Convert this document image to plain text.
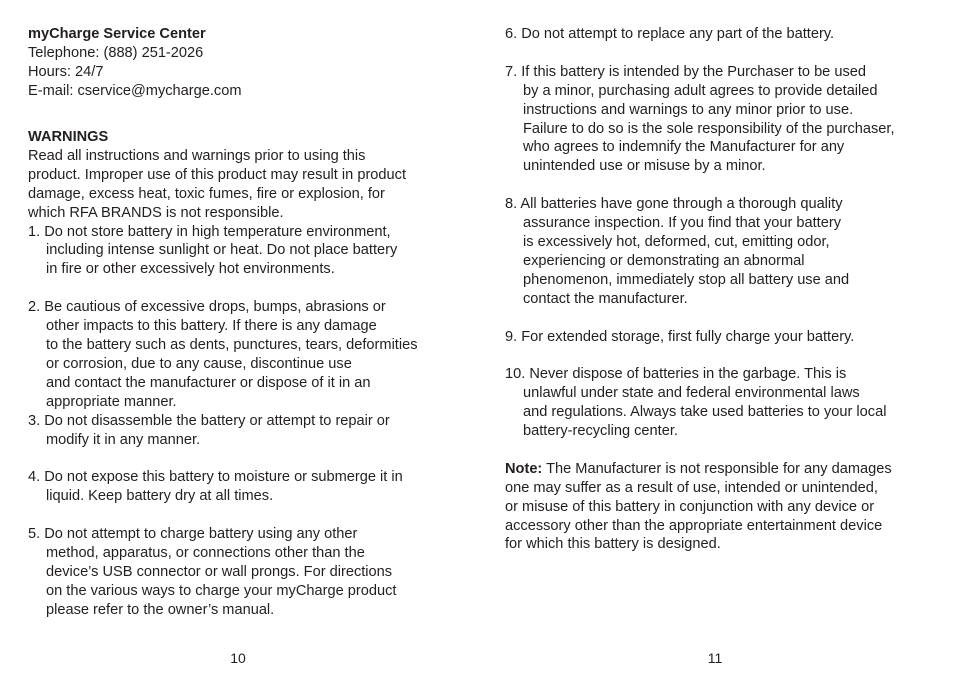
myCharge Service Center
Telephone: (888) 251-2026
Hours: 24/7
E-mail: cservice@mycharge.com
WARNINGS
Read all instructions and warnings prior to using this
product. Improper use of this product may result in product
damage, excess heat, toxic fumes, fire or explosion, for
which RFA BRANDS is not responsible.
1. Do not store battery in high temperature environment,
including intense sunlight or heat. Do not place battery
in fire or other excessively hot environments.

2. Be cautious of excessive drops, bumps, abrasions or
other impacts to this battery. If there is any damage
to the battery such as dents, punctures, tears, deformities
or corrosion, due to any cause, discontinue use
and contact the manufacturer or dispose of it in an
appropriate manner.
3. Do not disassemble the battery or attempt to repair or
modify it in any manner.

4. Do not expose this battery to moisture or submerge it in
liquid. Keep battery dry at all times.

5. Do not attempt to charge battery using any other
method, apparatus, or connections other than the
device’s USB connector or wall prongs. For directions
on the various ways to charge your myCharge product
please refer to the owner’s manual.
10
6. Do not attempt to replace any part of the battery.

7. If this battery is intended by the Purchaser to be used
by a minor, purchasing adult agrees to provide detailed
instructions and warnings to any minor prior to use.
Failure to do so is the sole responsibility of the purchaser,
who agrees to indemnify the Manufacturer for any
unintended use or misuse by a minor.

8. All batteries have gone through a thorough quality
assurance inspection. If you find that your battery
is excessively hot, deformed, cut, emitting odor,
experiencing or demonstrating an abnormal
phenomenon, immediately stop all battery use and
contact the manufacturer.

9. For extended storage, first fully charge your battery.

10. Never dispose of batteries in the garbage. This is
unlawful under state and federal environmental laws
and regulations. Always take used batteries to your local
battery-recycling center.

Note: The Manufacturer is not responsible for any damages
one may suffer as a result of use, intended or unintended,
or misuse of this battery in conjunction with any device or
accessory other than the appropriate entertainment device
for which this battery is designed.
11
